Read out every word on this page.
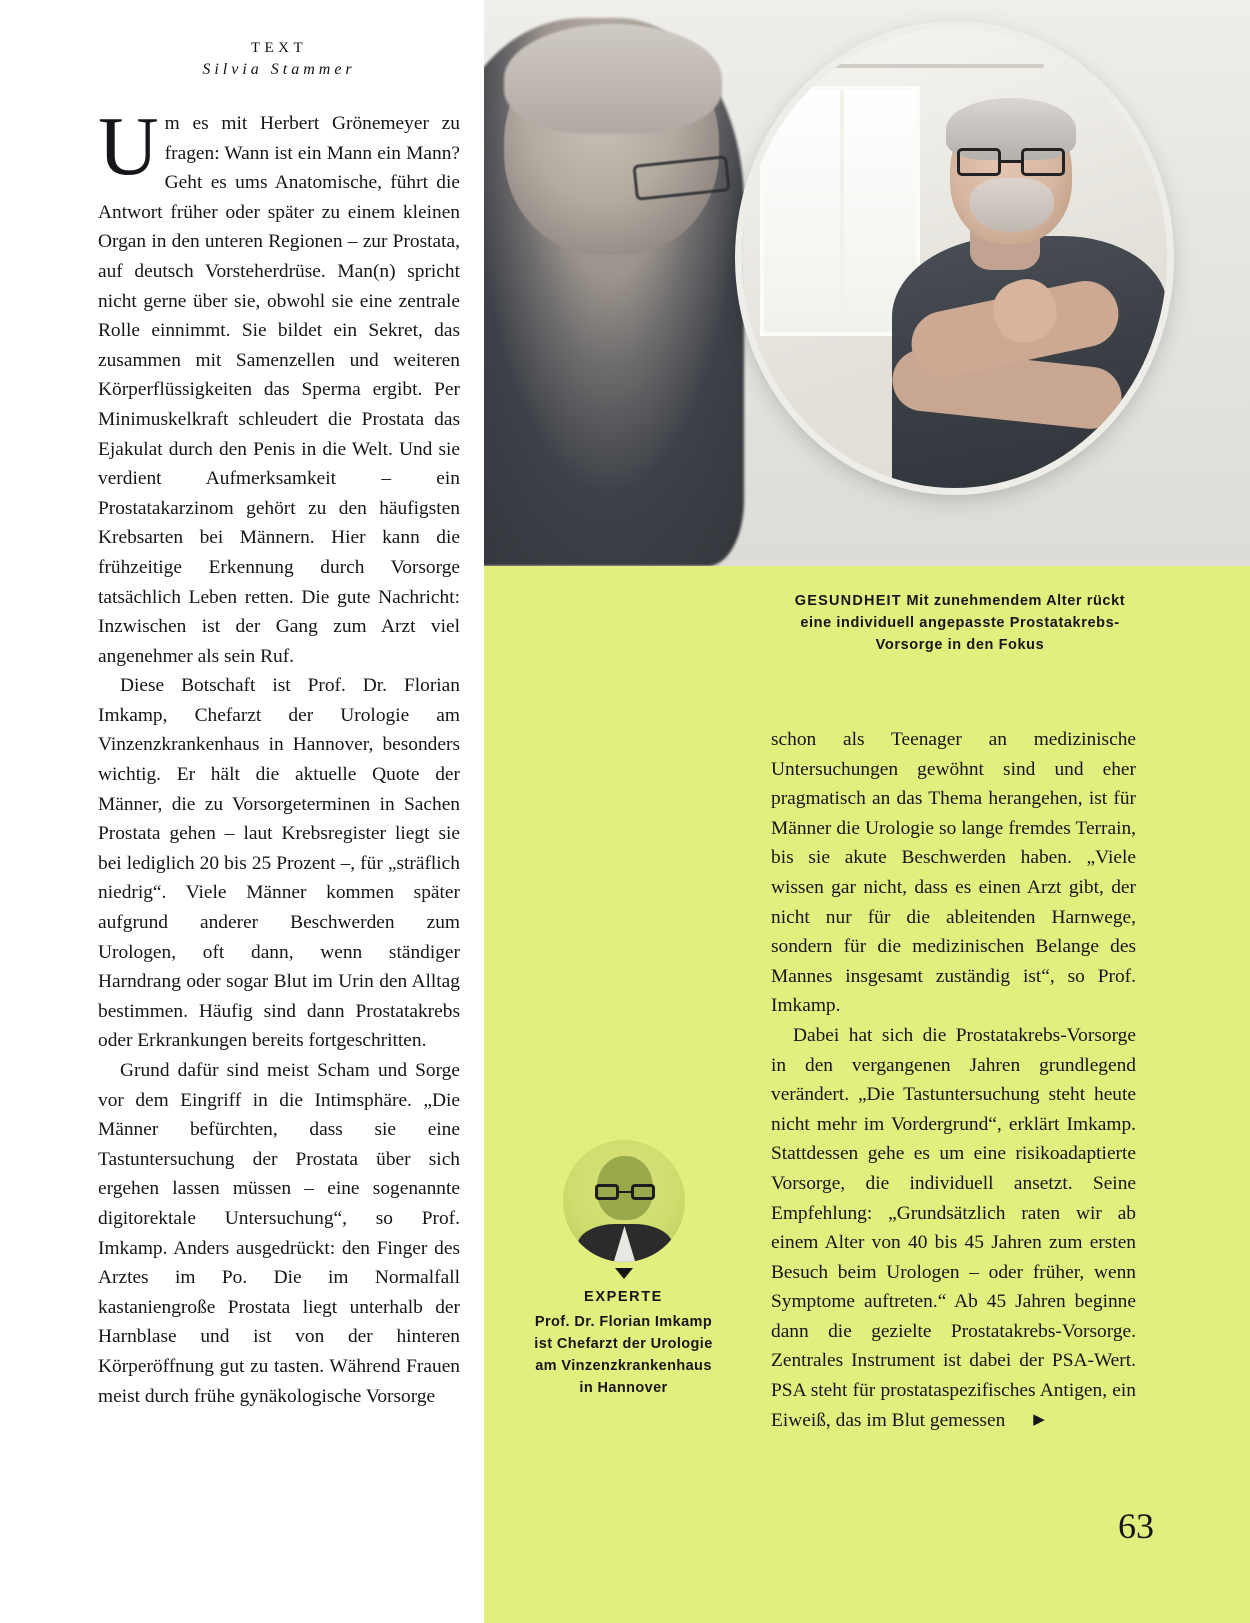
TEXT
Silvia Stammer
U m es mit Herbert Grönemeyer zu fragen: Wann ist ein Mann ein Mann? Geht es ums Anatomische, führt die Antwort früher oder später zu einem kleinen Organ in den unteren Regionen – zur Prostata, auf deutsch Vorsteherdrüse. Man(n) spricht nicht gerne über sie, obwohl sie eine zentrale Rolle einnimmt. Sie bildet ein Sekret, das zusammen mit Samenzellen und weiteren Körperflüssigkeiten das Sperma ergibt. Per Minimuskelkraft schleudert die Prostata das Ejakulat durch den Penis in die Welt. Und sie verdient Aufmerksamkeit – ein Prostatakarzinom gehört zu den häufigsten Krebsarten bei Männern. Hier kann die frühzeitige Erkennung durch Vorsorge tatsächlich Leben retten. Die gute Nachricht: Inzwischen ist der Gang zum Arzt viel angenehmer als sein Ruf.

Diese Botschaft ist Prof. Dr. Florian Imkamp, Chefarzt der Urologie am Vinzenzkrankenhaus in Hannover, besonders wichtig. Er hält die aktuelle Quote der Männer, die zu Vorsorgeterminen in Sachen Prostata gehen – laut Krebsregister liegt sie bei lediglich 20 bis 25 Prozent –, für „sträflich niedrig“. Viele Männer kommen später aufgrund anderer Beschwerden zum Urologen, oft dann, wenn ständiger Harndrang oder sogar Blut im Urin den Alltag bestimmen. Häufig sind dann Prostatakrebs oder Erkrankungen bereits fortgeschritten.

Grund dafür sind meist Scham und Sorge vor dem Eingriff in die Intimsphäre. „Die Männer befürchten, dass sie eine Tastuntersuchung der Prostata über sich ergehen lassen müssen – eine sogenannte digitorektale Untersuchung“, so Prof. Imkamp. Anders ausgedrückt: den Finger des Arztes im Po. Die im Normalfall kastaniengroße Prostata liegt unterhalb der Harnblase und ist von der hinteren Körperöffnung gut zu tasten. Während Frauen meist durch frühe gynäkologische Vorsorge

GESUNDHEIT Mit zunehmendem Alter rückt eine individuell angepasste Prostatakrebs-Vorsorge in den Fokus

schon als Teenager an medizinische Untersuchungen gewöhnt sind und eher pragmatisch an das Thema herangehen, ist für Männer die Urologie so lange fremdes Terrain, bis sie akute Beschwerden haben. „Viele wissen gar nicht, dass es einen Arzt gibt, der nicht nur für die ableitenden Harnwege, sondern für die medizinischen Belange des Mannes insgesamt zuständig ist“, so Prof. Imkamp.

Dabei hat sich die Prostatakrebs-Vorsorge in den vergangenen Jahren grundlegend verändert. „Die Tastuntersuchung steht heute nicht mehr im Vordergrund“, erklärt Imkamp. Stattdessen gehe es um eine risikoadaptierte Vorsorge, die individuell ansetzt. Seine Empfehlung: „Grundsätzlich raten wir ab einem Alter von 40 bis 45 Jahren zum ersten Besuch beim Urologen – oder früher, wenn Symptome auftreten.“ Ab 45 Jahren beginne dann die gezielte Prostatakrebs-Vorsorge. Zentrales Instrument ist dabei der PSA-Wert. PSA steht für prostataspezifisches Antigen, ein Eiweiß, das im Blut gemessen ▶

EXPERTE
Prof. Dr. Florian Imkamp
ist Chefarzt der Urologie
am Vinzenzkrankenhaus
in Hannover
63
